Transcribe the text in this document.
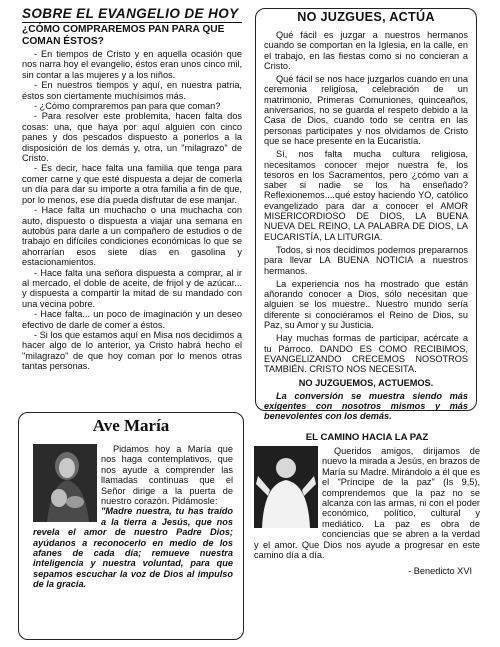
SOBRE EL EVANGELIO DE HOY
¿CÓMO COMPRAREMOS PAN PARA QUE COMAN ÉSTOS?

- En tiempos de Cristo y en aquella ocasión que nos narra hoy el evangelio, éstos eran unos cinco mil, sin contar a las mujeres y a los niños.

- En nuestros tiempos y aquí, en nuestra patria, éstos son ciertamente muchísimos más.

- ¿Cómo compraremos pan para que coman?

- Para resolver este problemita, hacen falta dos cosas: una, que haya por aquí alguien con cinco panes y dos pescados dispuesto a ponerlos a la disposición de los demás y, otra, un "milagrazo" de Cristo.

- Es decir, hace falta una familia que tenga para comer carne y que esté dispuesta a dejar de comerla un día para dar su importe a otra familia a fin de que, por lo menos, ese día pueda disfrutar de ese manjar.

- Hace falta un muchacho o una muchacha con auto, dispuesto o dispuesta a viajar una semana en autobús para darle a un compañero de estudios o de trabajo en difíciles condiciones económicas lo que se ahorrarían esos siete días en gasolina y estacionamientos.

- Hace falta una señora dispuesta a comprar, al ir al mercado, el doble de aceite, de frijol y de azúcar... y dispuesta a compartir la mitad de su mandado con una vecina pobre.

- Hace falta... un poco de imaginación y un deseo efectivo de darle de comer a éstos.

- Si los que estamos aquí en Misa nos decidimos a hacer algo de lo anterior, ya Cristo habrá hecho el "milagrazo" de que hoy coman por lo menos otras tantas personas.

NO JUZGUES, ACTÚA

Qué fácil es juzgar a nuestros hermanos cuando se comportan en la Iglesia, en la calle, en el trabajo, en las fiestas como si no concieran a Cristo.

Qué fácil se nos hace juzgarlos cuando en una ceremonia religiosa, celebración de un matrimonio, Primeras Comuniones, quinceaños, aniversarios, no se guarda el respeto debido a la Casa de Dios, cuando todo se centra en las personas participates y nos olvidamos de Cristo que se hace presente en la Eucaristía.

Sí, nos falta mucha cultura religiosa, necesitamos conocer mejor nuestra fe, los tesoros en los Sacramentos, pero ¿cómo van a saber si nadie se los ha enseñado? Reflexionemos....qué estoy haciendo YO, católico evangelizado para dar a conocer el AMOR MISERICORDIOSO DE DIOS, LA BUENA NUEVA DEL REINO, LA PALABRA DE DIOS, LA EUCARISTÍA, LA LITURGIA.

Todos, si nos decidimos podemos prepararnos para llevar LA BUENA NOTICIA a nuestros hermanos.

La experiencia nos ha mostrado que están añorando conocer a Dios, sólo necesitan que alguien se los muestre.. Nuestro mundo sería diferente si conociéramos el Reino de Dios, su Paz, su Amor y su Justicia.

Hay muchas formas de participar, acércate a tu Párroco. DANDO ES COMO RECIBIMOS, EVANGELIZANDO CRECEMOS NOSOTROS TAMBIÉN. CRISTO NOS NECESITA.

NO JUZGUEMOS, ACTUEMOS.

La conversión se muestra siendo más exigentes con nosotros mismos y más benevolentes con los demás.

Ave María

Pidamos hoy a María que nos haga contemplativos, que nos ayude a comprender las llamadas continuas que el Señor dirige a la puerta de nuestro corazón. Pidámosle:

"Madre nuestra, tu has traído a la tierra a Jesús, que nos revela el amor de nuestro Padre Dios; ayúdanos a reconocerlo en medio de los afanes de cada día; remueve nuestra inteligencia y nuestra voluntad, para que sepamos escuchar la voz de Dios al impulso de la gracia.

EL CAMINO HACIA LA PAZ

Queridos amigos, dirijamos de nuevo la mirada a Jesús, en brazos de María su Madre. Mirándolo a él que es el "Príncipe de la paz" (Is 9,5), comprendemos que la paz no se alcanza con las armas, ni con el poder económico, político, cultural y mediático. La paz es obra de conciencias que se abren a la verdad y el amor. Que Dios nos ayude a progresar en este camino día a día.

- Benedicto XVI
